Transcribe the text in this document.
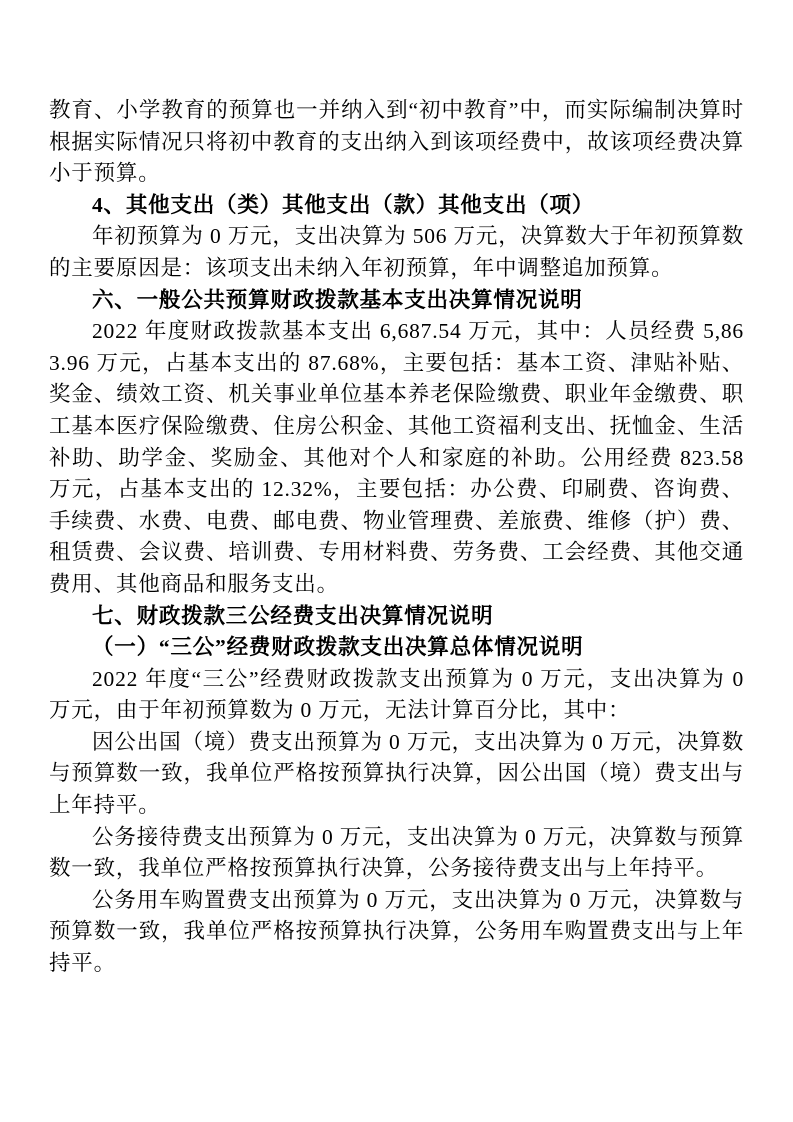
教育、小学教育的预算也一并纳入到“初中教育”中，而实际编制决算时根据实际情况只将初中教育的支出纳入到该项经费中，故该项经费决算小于预算。

4、其他支出（类）其他支出（款）其他支出（项）

年初预算为 0 万元，支出决算为 506 万元，决算数大于年初预算数的主要原因是：该项支出未纳入年初预算，年中调整追加预算。

六、一般公共预算财政拨款基本支出决算情况说明

2022 年度财政拨款基本支出 6,687.54 万元，其中：人员经费 5,863.96 万元，占基本支出的 87.68%，主要包括：基本工资、津贴补贴、奖金、绩效工资、机关事业单位基本养老保险缴费、职业年金缴费、职工基本医疗保险缴费、住房公积金、其他工资福利支出、抚恤金、生活补助、助学金、奖励金、其他对个人和家庭的补助。公用经费 823.58 万元，占基本支出的 12.32%，主要包括：办公费、印刷费、咨询费、手续费、水费、电费、邮电费、物业管理费、差旅费、维修（护）费、租赁费、会议费、培训费、专用材料费、劳务费、工会经费、其他交通费用、其他商品和服务支出。

七、财政拨款三公经费支出决算情况说明

（一）“三公”经费财政拨款支出决算总体情况说明

2022 年度“三公”经费财政拨款支出预算为 0 万元，支出决算为 0 万元，由于年初预算数为 0 万元，无法计算百分比，其中：

因公出国（境）费支出预算为 0 万元，支出决算为 0 万元，决算数与预算数一致，我单位严格按预算执行决算，因公出国（境）费支出与上年持平。

公务接待费支出预算为 0 万元，支出决算为 0 万元，决算数与预算数一致，我单位严格按预算执行决算，公务接待费支出与上年持平。

公务用车购置费支出预算为 0 万元，支出决算为 0 万元，决算数与预算数一致，我单位严格按预算执行决算，公务用车购置费支出与上年持平。
